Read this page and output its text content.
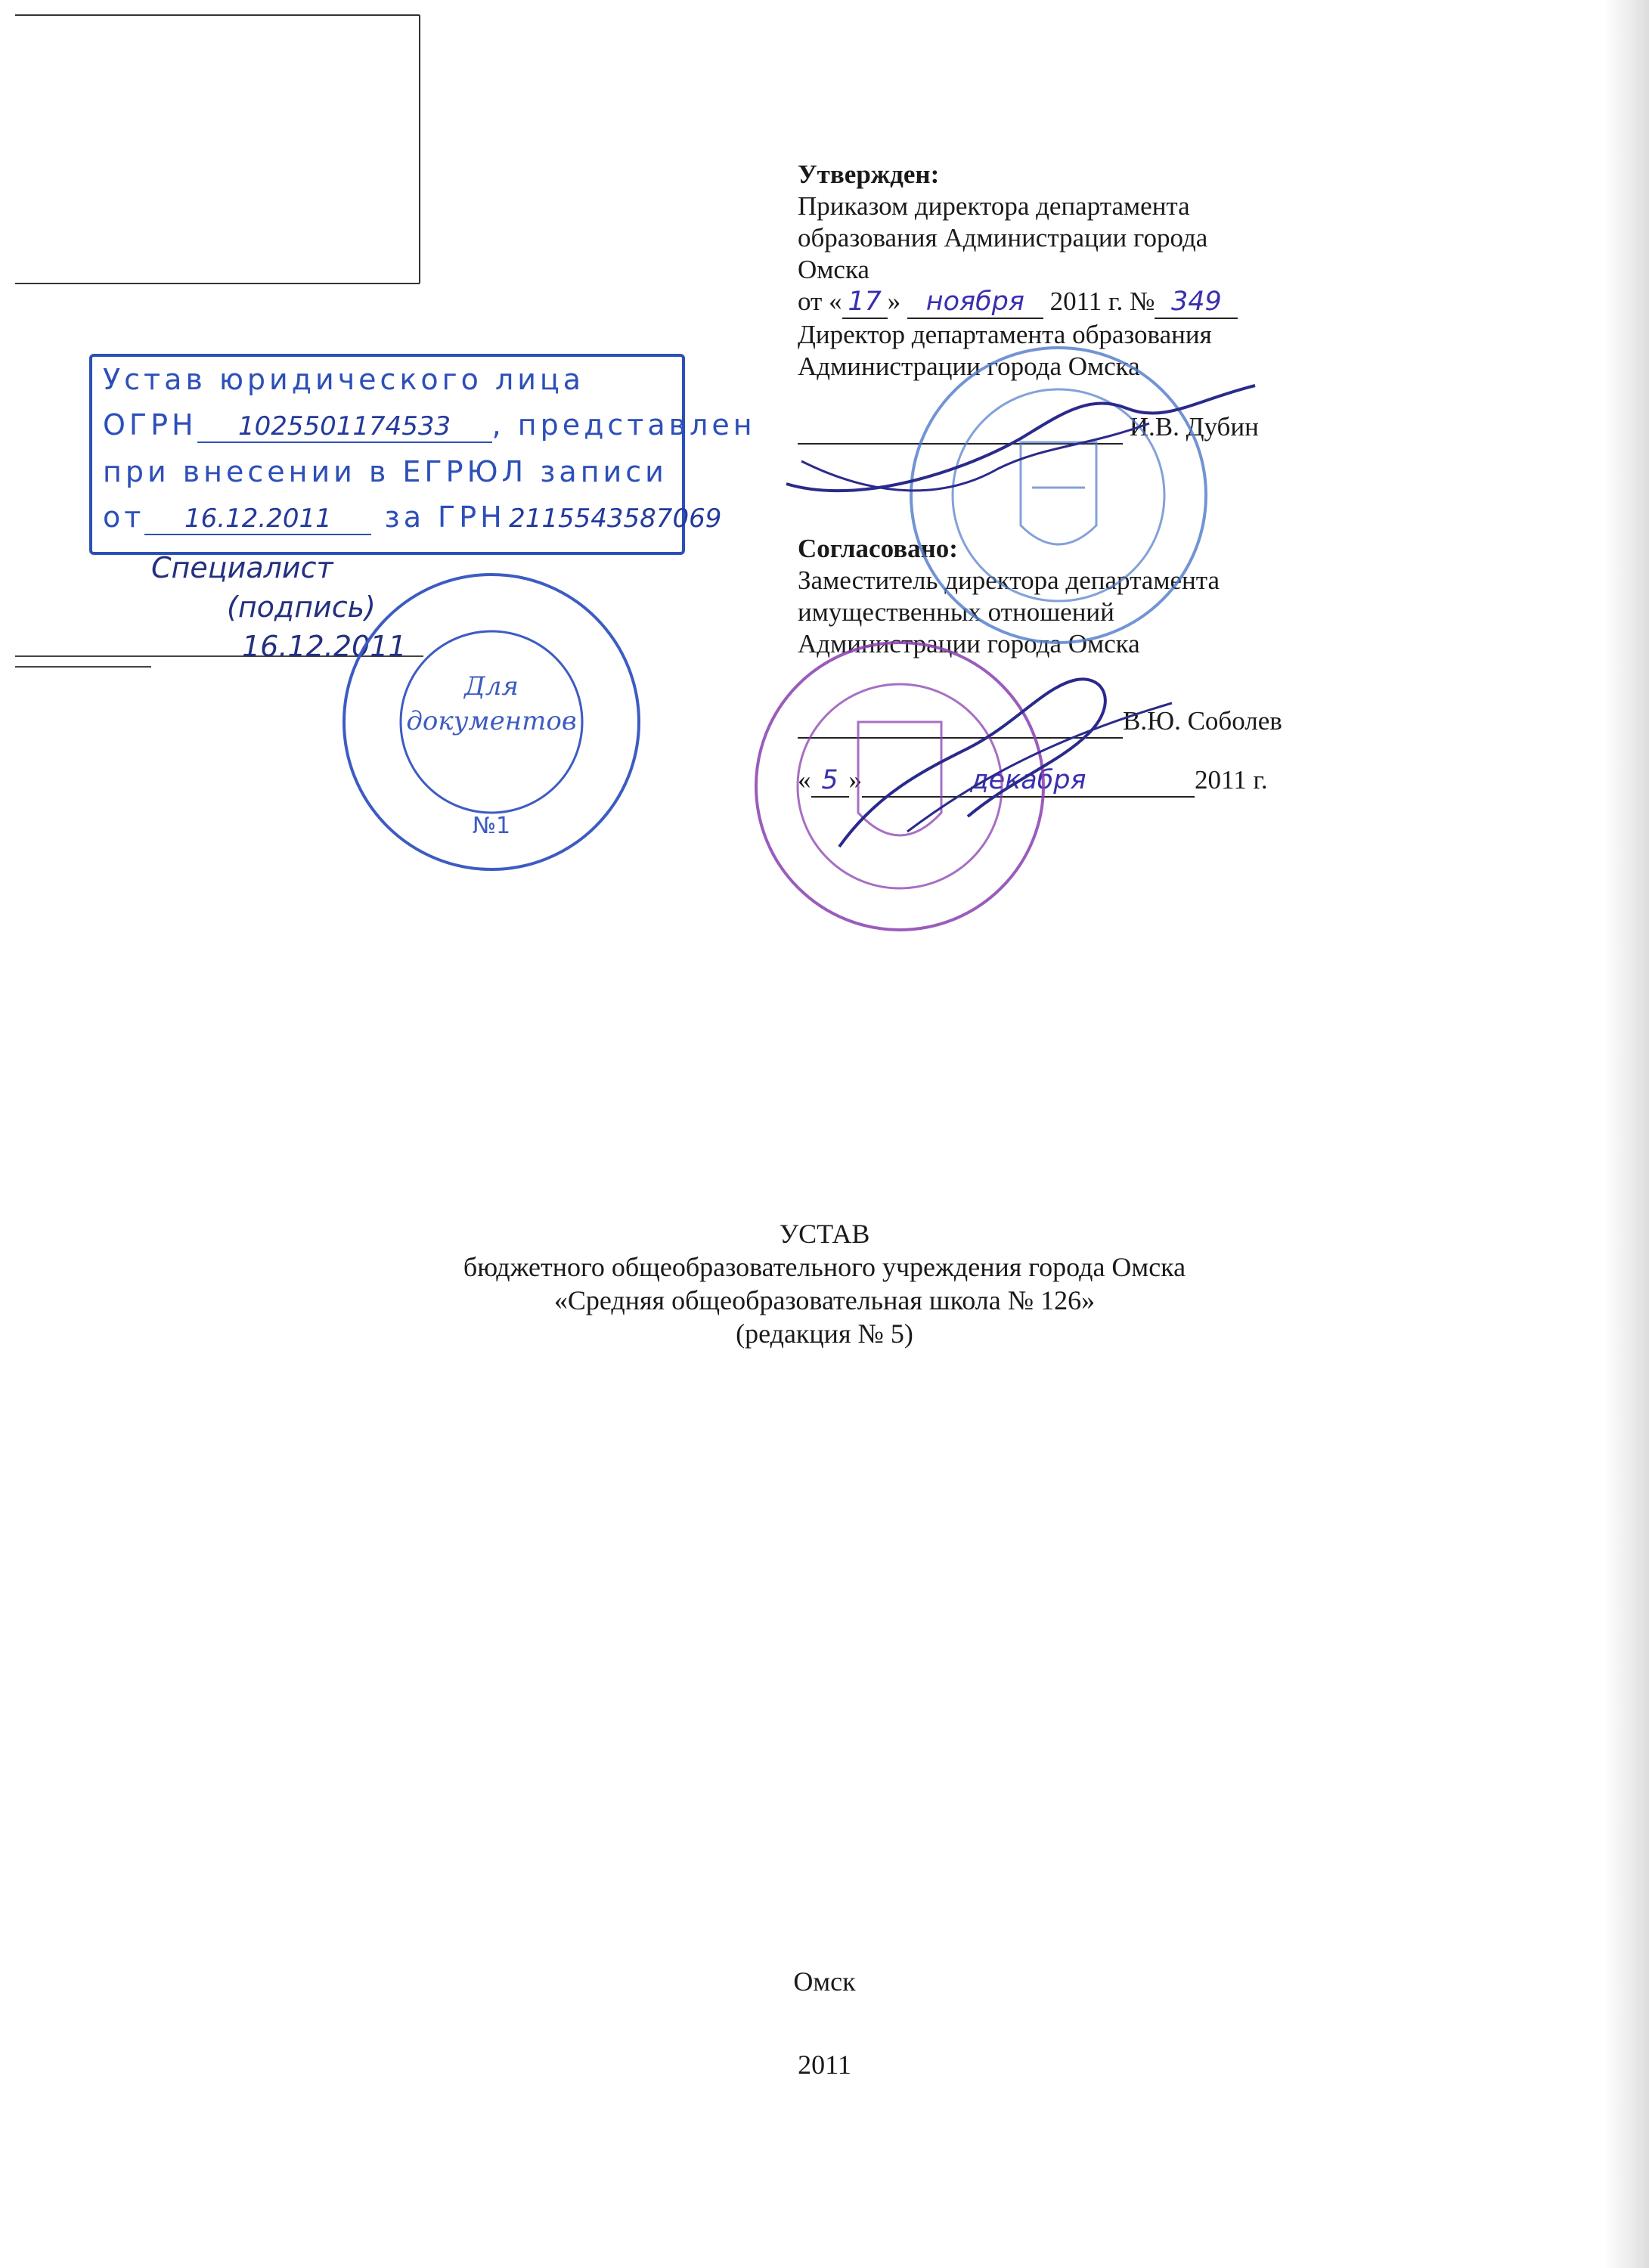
Утвержден:
Приказом директора департамента
образования Администрации города
Омска
от « 17 » ноября 2011 г. № 349
Директор департамента образования
Администрации города Омска
И.В. Дубин
Согласовано:
Заместитель директора департамента
имущественных отношений
Администрации города Омска
В.Ю. Соболев
« 5 »	декабря	2011 г.
Устав юридического лица
ОГРН 1025501174533 , представлен
при внесении в ЕГРЮЛ записи
от 16.12.2011 за ГРН 2115543587069
Специалист
(подпись)
16.12.2011
Для
документов
№1
УСТАВ
бюджетного общеобразовательного учреждения города Омска
«Средняя общеобразовательная школа № 126»
(редакция № 5)
Омск
2011
